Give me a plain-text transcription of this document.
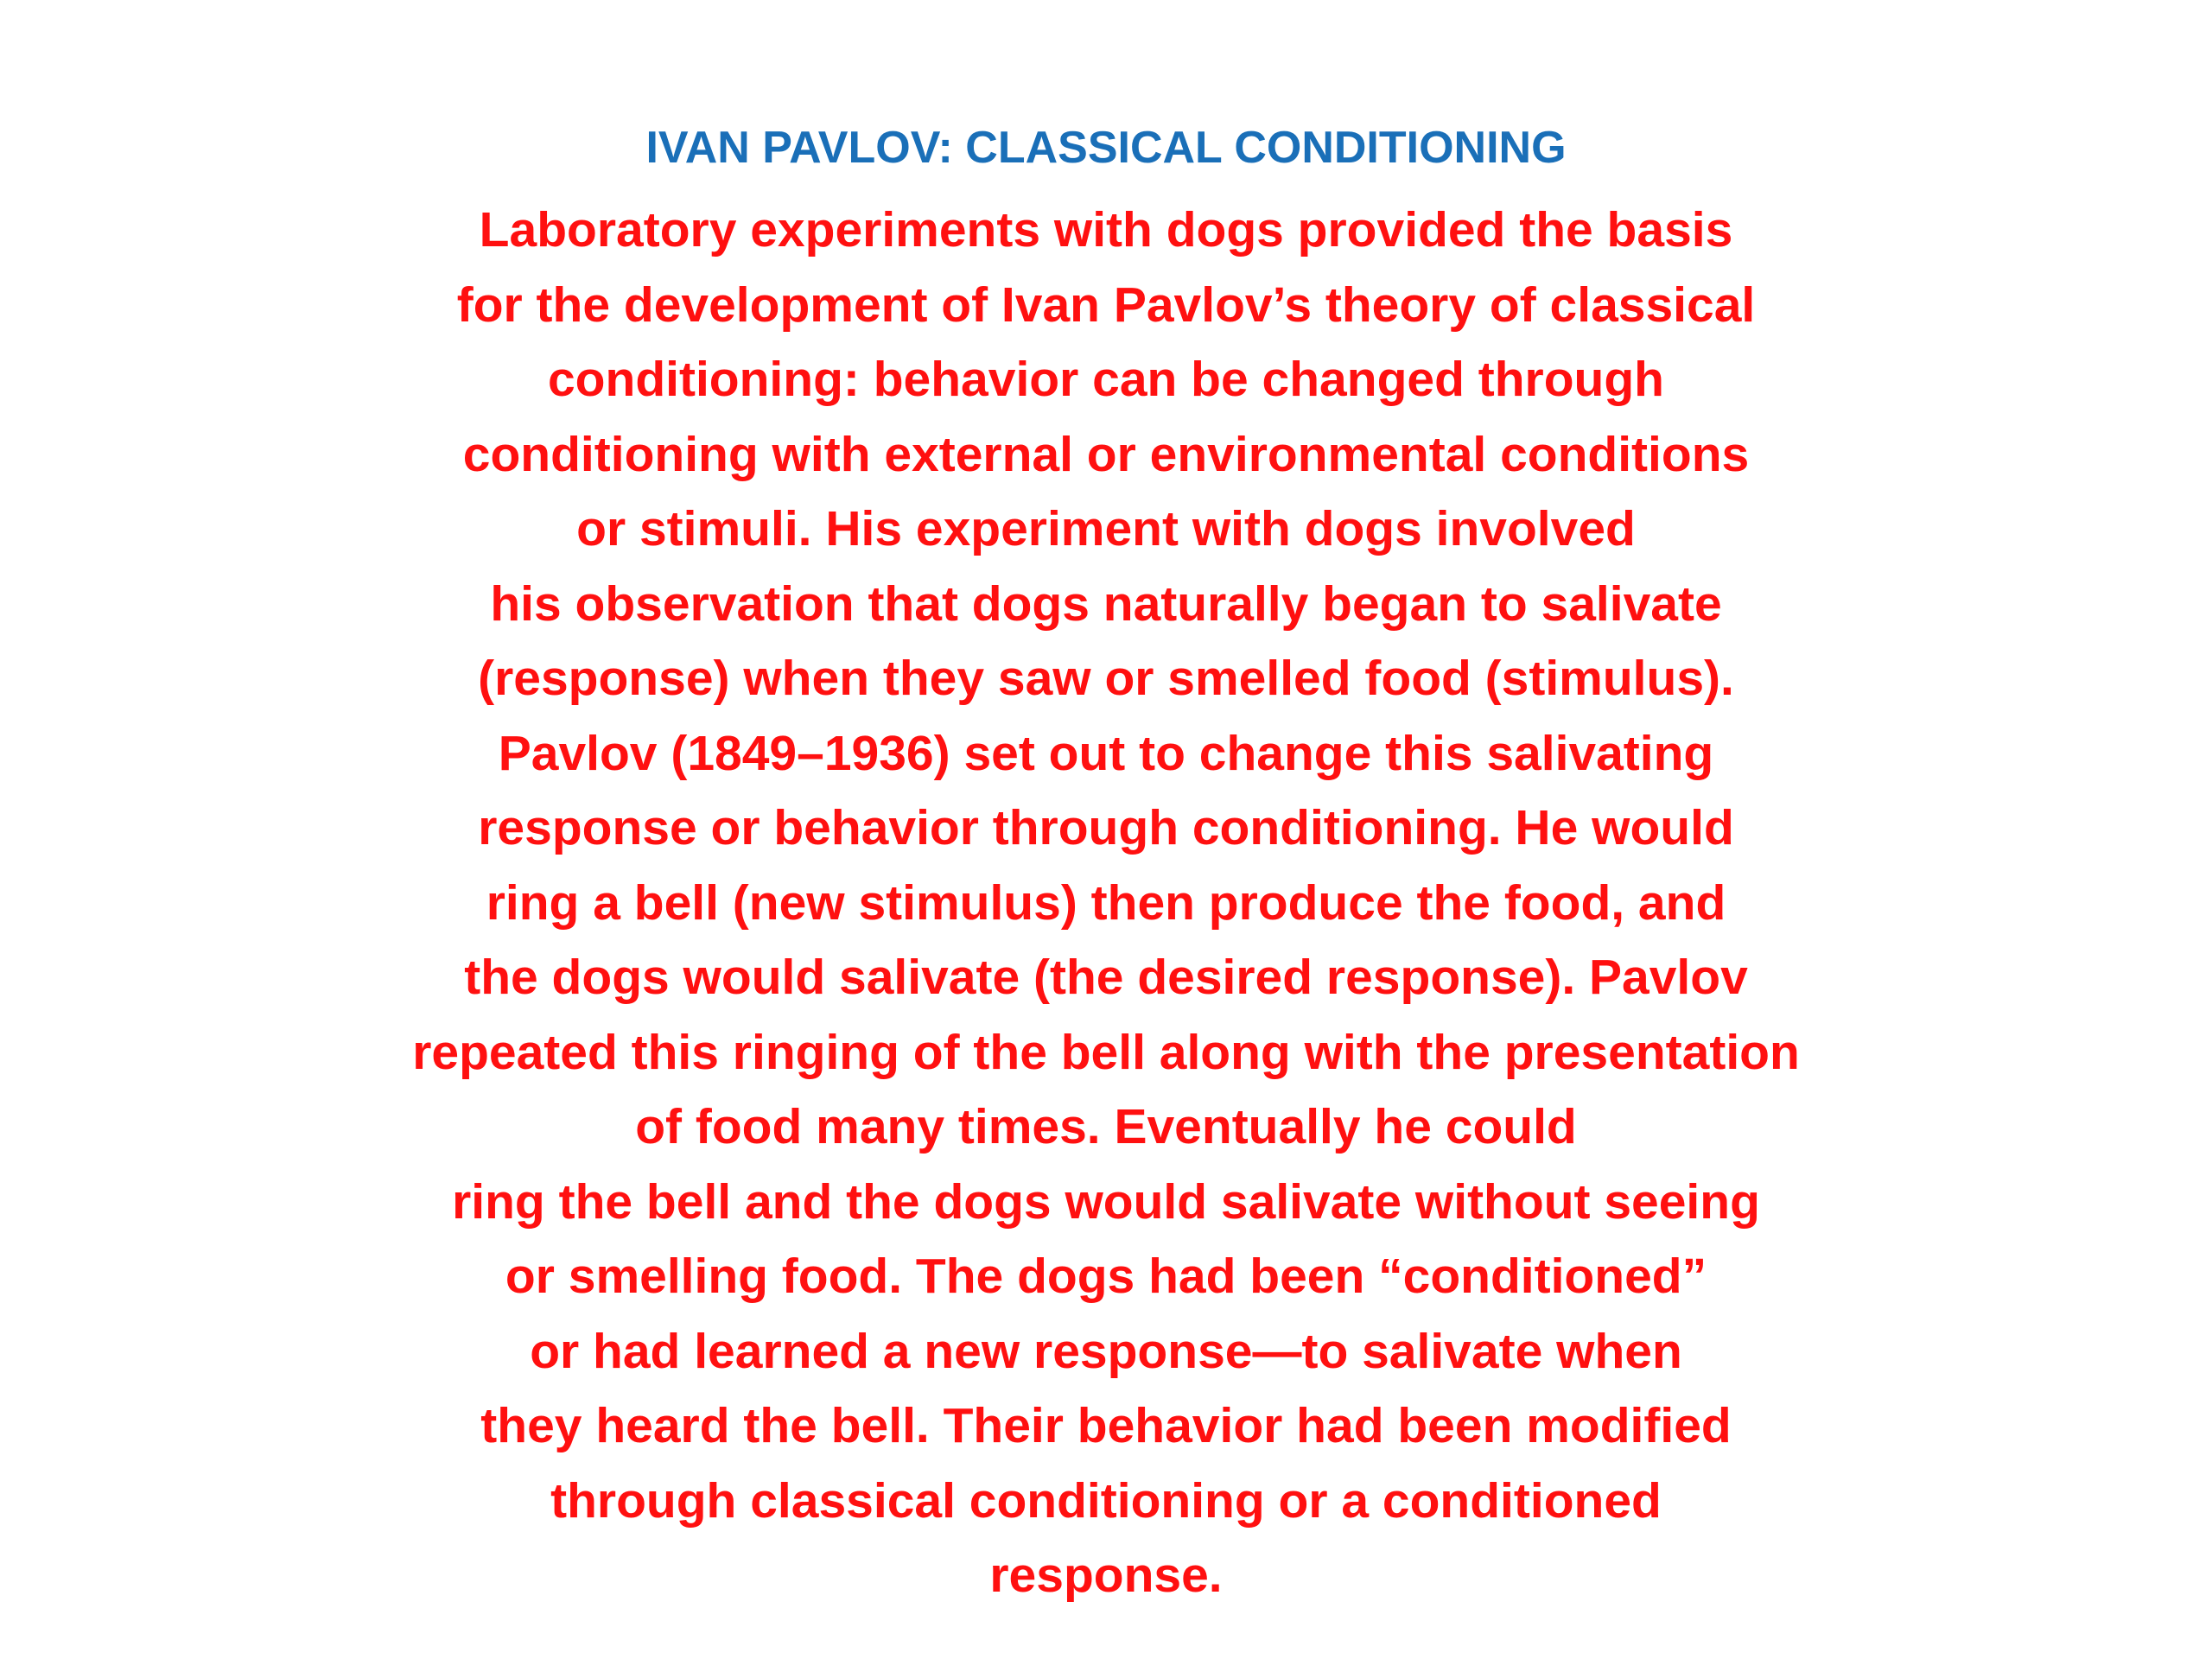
IVAN PAVLOV: CLASSICAL CONDITIONING
Laboratory experiments with dogs provided the basis
for the development of Ivan Pavlov’s theory of classical
conditioning: behavior can be changed through
conditioning with external or environmental conditions
or stimuli. His experiment with dogs involved
his observation that dogs naturally began to salivate
(response) when they saw or smelled food (stimulus).
Pavlov (1849–1936) set out to change this salivating
response or behavior through conditioning. He would
ring a bell (new stimulus) then produce the food, and
the dogs would salivate (the desired response). Pavlov
repeated this ringing of the bell along with the presentation
of food many times. Eventually he could
ring the bell and the dogs would salivate without seeing
or smelling food. The dogs had been “conditioned”
or had learned a new response—to salivate when
they heard the bell. Their behavior had been modified
through classical conditioning or a conditioned
response.
